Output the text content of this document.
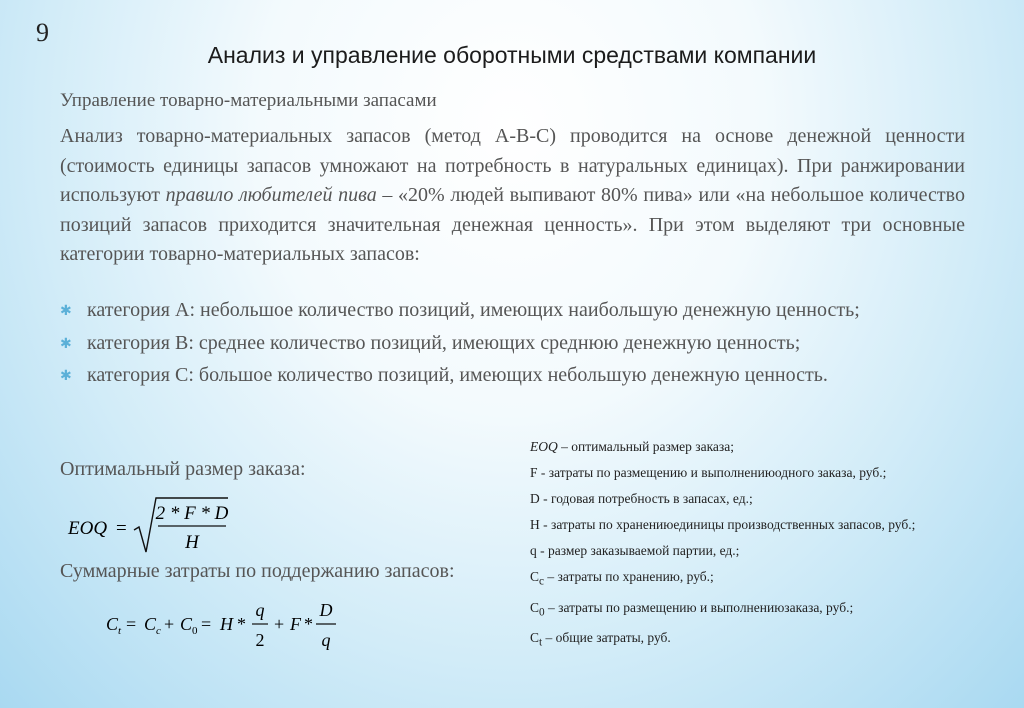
9
Анализ и управление оборотными средствами компании
Управление товарно-материальными запасами
Анализ товарно-материальных запасов (метод A-B-C) проводится на основе денежной ценности (стоимость единицы запасов умножают на потребность в натуральных единицах). При ранжировании используют правило любителей пива – «20% людей выпивают 80% пива» или «на небольшое количество позиций запасов приходится значительная денежная ценность». При этом выделяют три основные категории товарно-материальных запасов:
✱ категория A: небольшое количество позиций, имеющих наибольшую денежную ценность;
✱ категория B: среднее количество позиций, имеющих среднюю денежную ценность;
✱ категория C: большое количество позиций, имеющих небольшую денежную ценность.
Оптимальный размер заказа:
Суммарные затраты по поддержанию запасов:
EOQ – оптимальный размер заказа;
F - затраты по размещению и выполнениюодного заказа, руб.;
D - годовая потребность в запасах, ед.;
H - затраты по хранениюединицы производственных запасов, руб.;
q - размер заказываемой партии, ед.;
$C_c$ – затраты по хранению, руб.;
$C_0$ – затраты по размещению и выполнениюзаказа, руб.;
$C_t$ – общие затраты, руб.
EOQ =
2 * F * D
H
C t = C c + C 0 = H *
q
2
+ F *
D
q
